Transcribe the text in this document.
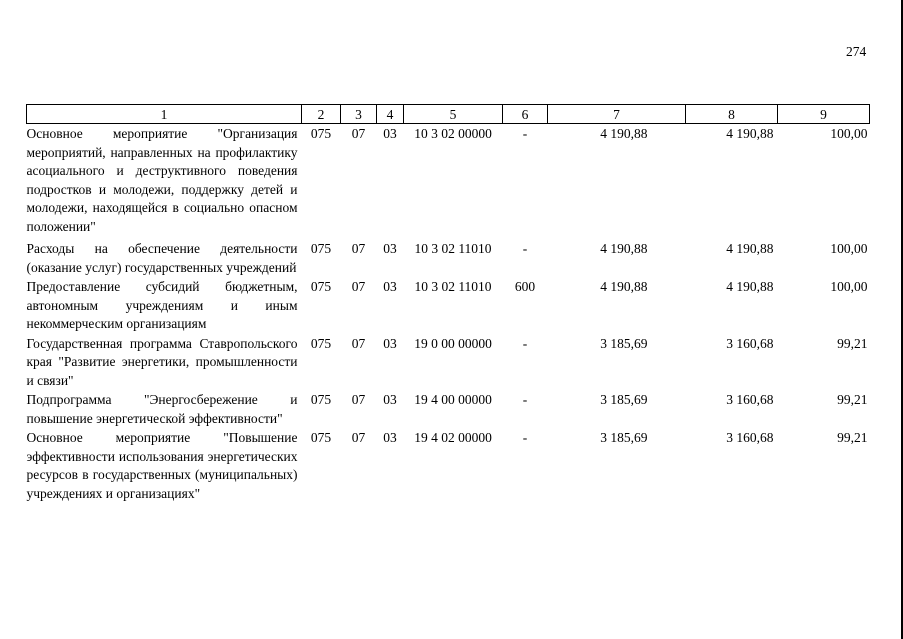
274
1	2	3	4	5	6	7	8	9
Основное мероприятие "Организация мероприятий, направленных на профилактику асоциального и деструктивного поведения подростков и молодежи, поддержку детей и молодежи, находящейся в социально опасном положении"	075	07	03	10 3 02 00000	-	4 190,88	4 190,88	100,00
Расходы на обеспечение деятельности (оказание услуг) государственных учреждений	075	07	03	10 3 02 11010	-	4 190,88	4 190,88	100,00
Предоставление субсидий бюджетным, автономным учреждениям и иным некоммерческим организациям	075	07	03	10 3 02 11010	600	4 190,88	4 190,88	100,00
Государственная программа Ставропольского края "Развитие энергетики, промышленности и связи"	075	07	03	19 0 00 00000	-	3 185,69	3 160,68	99,21
Подпрограмма "Энергосбережение и повышение энергетической эффективности"	075	07	03	19 4 00 00000	-	3 185,69	3 160,68	99,21
Основное мероприятие "Повышение эффективности использования энергетических ресурсов в государственных (муниципальных) учреждениях и организациях"	075	07	03	19 4 02 00000	-	3 185,69	3 160,68	99,21
